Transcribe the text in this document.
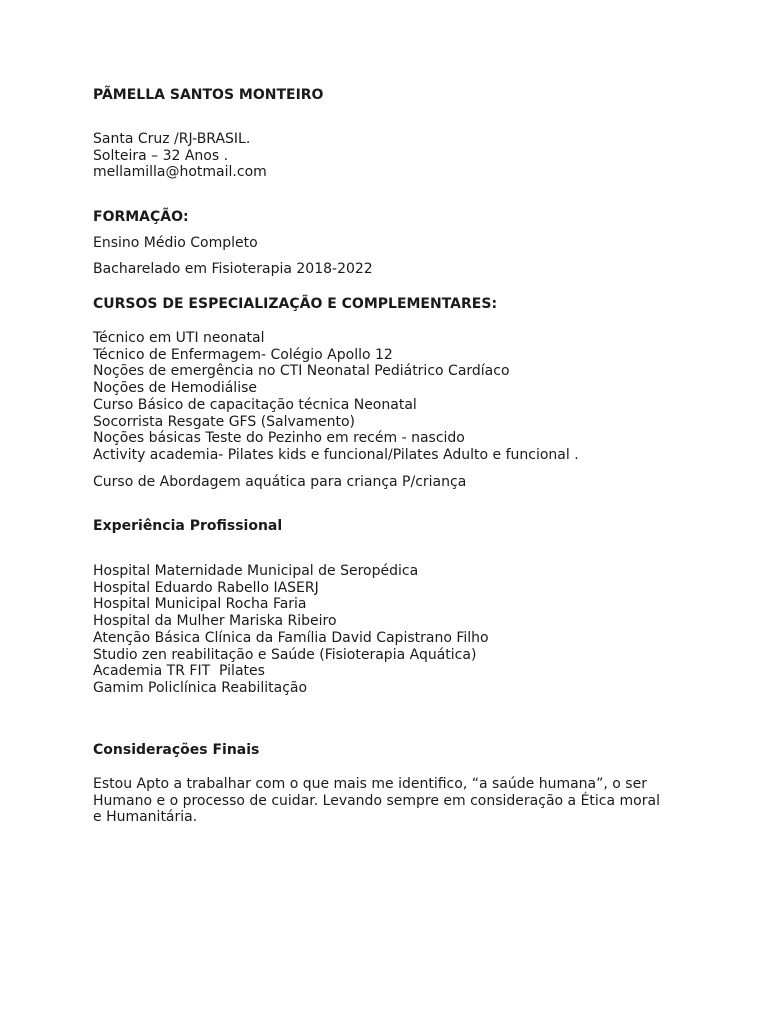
PÃMELLA SANTOS MONTEIRO
Santa Cruz /RJ-BRASIL.
Solteira – 32 Anos .
mellamilla@hotmail.com
FORMAÇÃO:
Ensino Médio Completo
Bacharelado em Fisioterapia 2018-2022
CURSOS DE ESPECIALIZAÇÃO E COMPLEMENTARES:
Técnico em UTI neonatal
Técnico de Enfermagem- Colégio Apollo 12
Noções de emergência no CTI Neonatal Pediátrico Cardíaco
Noções de Hemodiálise
Curso Básico de capacitação técnica Neonatal
Socorrista Resgate GFS (Salvamento)
Noções básicas Teste do Pezinho em recém - nascido
Activity academia- Pilates kids e funcional/Pilates Adulto e funcional .
Curso de Abordagem aquática para criança P/criança
Experiência Profissional
Hospital Maternidade Municipal de Seropédica
Hospital Eduardo Rabello IASERJ
Hospital Municipal Rocha Faria
Hospital da Mulher Mariska Ribeiro
Atenção Básica Clínica da Família David Capistrano Filho
Studio zen reabilitação e Saúde (Fisioterapia Aquática)
Academia TR FIT  Pilates
Gamim Policlínica Reabilitação
Considerações Finais
Estou Apto a trabalhar com o que mais me identifico, “a saúde humana”, o ser
Humano e o processo de cuidar. Levando sempre em consideração a Ética moral
e Humanitária.
